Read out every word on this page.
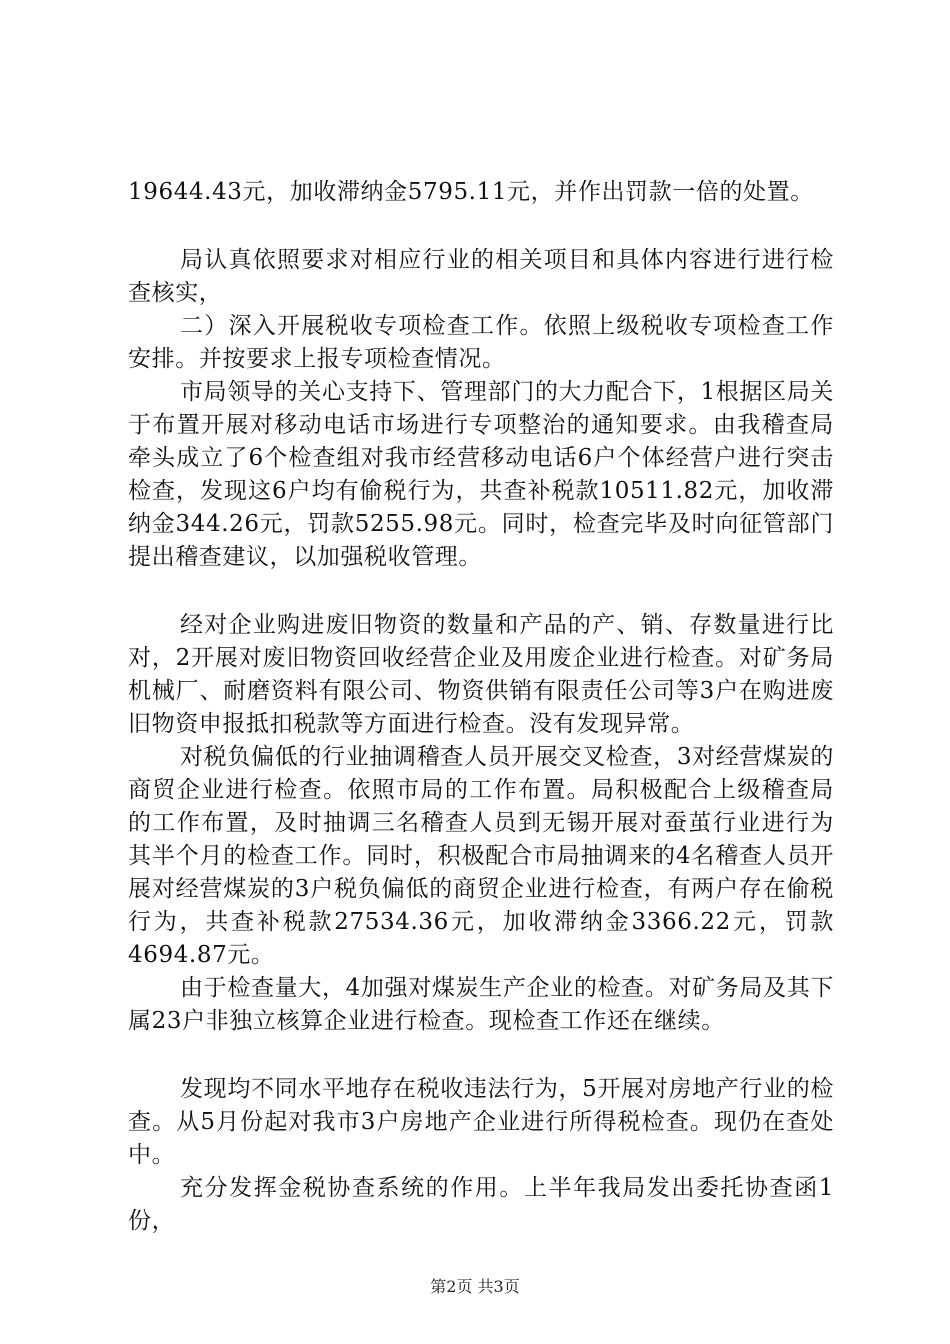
19644.43元，加收滞纳金5795.11元，并作出罚款一倍的处置。

局认真依照要求对相应行业的相关项目和具体内容进行进行检查核实，

二）深入开展税收专项检查工作。依照上级税收专项检查工作安排。并按要求上报专项检查情况。

市局领导的关心支持下、管理部门的大力配合下，1根据区局关于布置开展对移动电话市场进行专项整治的通知要求。由我稽查局牵头成立了6个检查组对我市经营移动电话6户个体经营户进行突击检查，发现这6户均有偷税行为，共查补税款10511.82元，加收滞纳金344.26元，罚款5255.98元。同时，检查完毕及时向征管部门提出稽查建议，以加强税收管理。

经对企业购进废旧物资的数量和产品的产、销、存数量进行比对，2开展对废旧物资回收经营企业及用废企业进行检查。对矿务局机械厂、耐磨资料有限公司、物资供销有限责任公司等3户在购进废旧物资申报抵扣税款等方面进行检查。没有发现异常。

对税负偏低的行业抽调稽查人员开展交叉检查，3对经营煤炭的商贸企业进行检查。依照市局的工作布置。局积极配合上级稽查局的工作布置，及时抽调三名稽查人员到无锡开展对蚕茧行业进行为其半个月的检查工作。同时，积极配合市局抽调来的4名稽查人员开展对经营煤炭的3户税负偏低的商贸企业进行检查，有两户存在偷税行为，共查补税款27534.36元，加收滞纳金3366.22元，罚款4694.87元。

由于检查量大，4加强对煤炭生产企业的检查。对矿务局及其下属23户非独立核算企业进行检查。现检查工作还在继续。

发现均不同水平地存在税收违法行为，5开展对房地产行业的检查。从5月份起对我市3户房地产企业进行所得税检查。现仍在查处中。

充分发挥金税协查系统的作用。上半年我局发出委托协查函1份，

第2页 共3页
